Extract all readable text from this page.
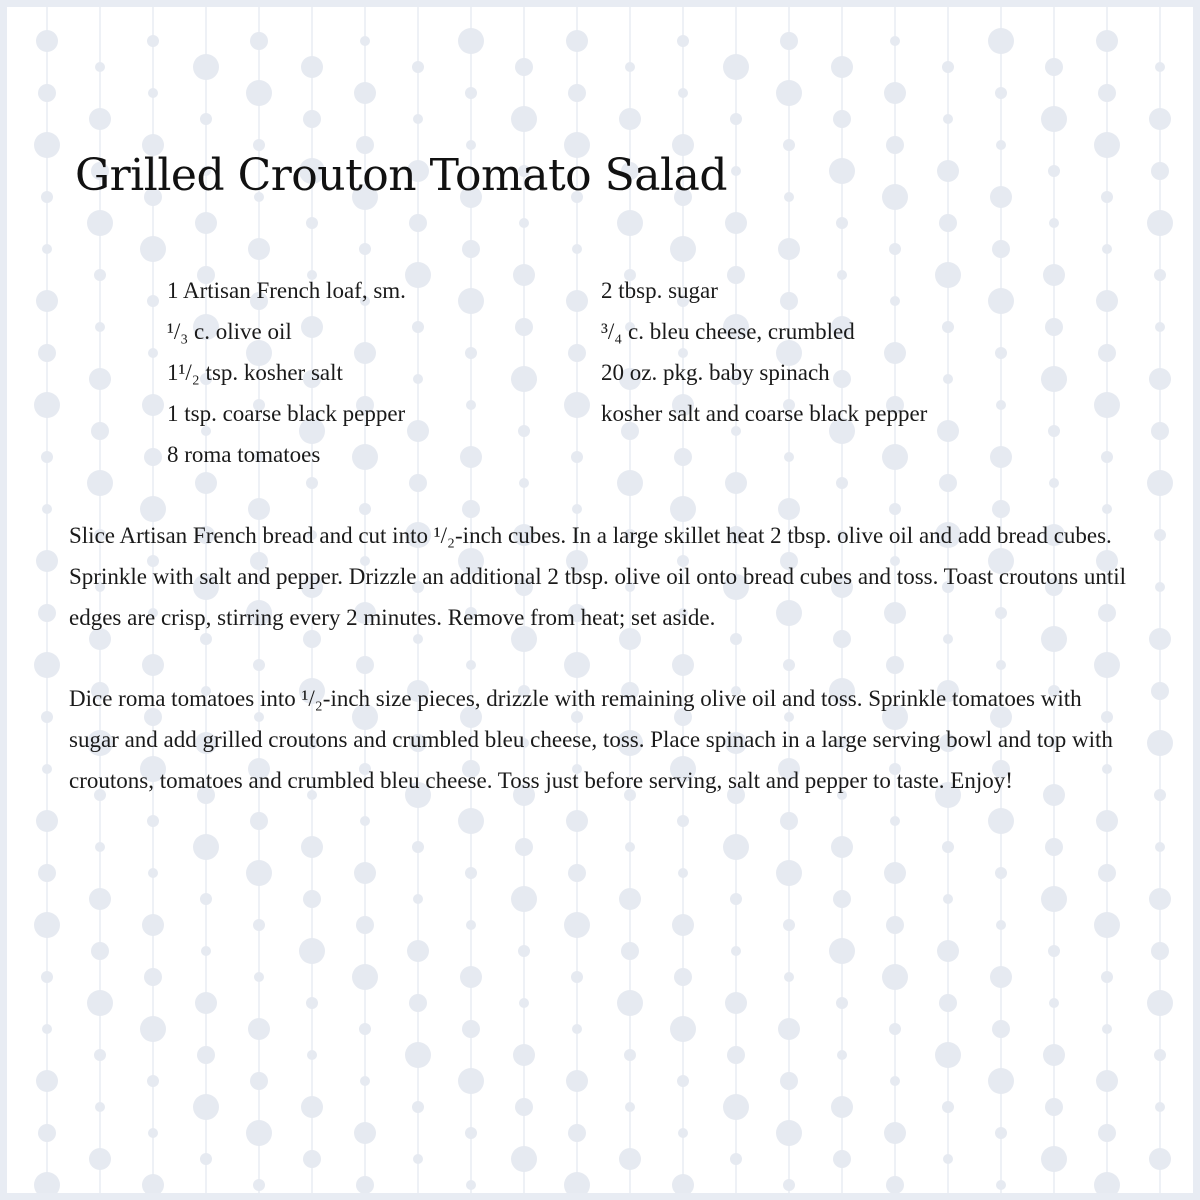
Grilled Crouton Tomato Salad
1 Artisan French loaf, sm.
¹/₃ c. olive oil
1¹/₂ tsp. kosher salt
1 tsp. coarse black pepper
8 roma tomatoes
2 tbsp. sugar
³/₄ c. bleu cheese, crumbled
20 oz. pkg. baby spinach
kosher salt and coarse black pepper

Slice Artisan French bread and cut into ¹/₂-inch cubes. In a large skillet heat 2 tbsp. olive oil and add bread cubes. Sprinkle with salt and pepper. Drizzle an additional 2 tbsp. olive oil onto bread cubes and toss. Toast croutons until edges are crisp, stirring every 2 minutes. Remove from heat; set aside.

Dice roma tomatoes into ¹/₂-inch size pieces, drizzle with remaining olive oil and toss. Sprinkle tomatoes with sugar and add grilled croutons and crumbled bleu cheese, toss. Place spinach in a large serving bowl and top with croutons, tomatoes and crumbled bleu cheese. Toss just before serving, salt and pepper to taste. Enjoy!
